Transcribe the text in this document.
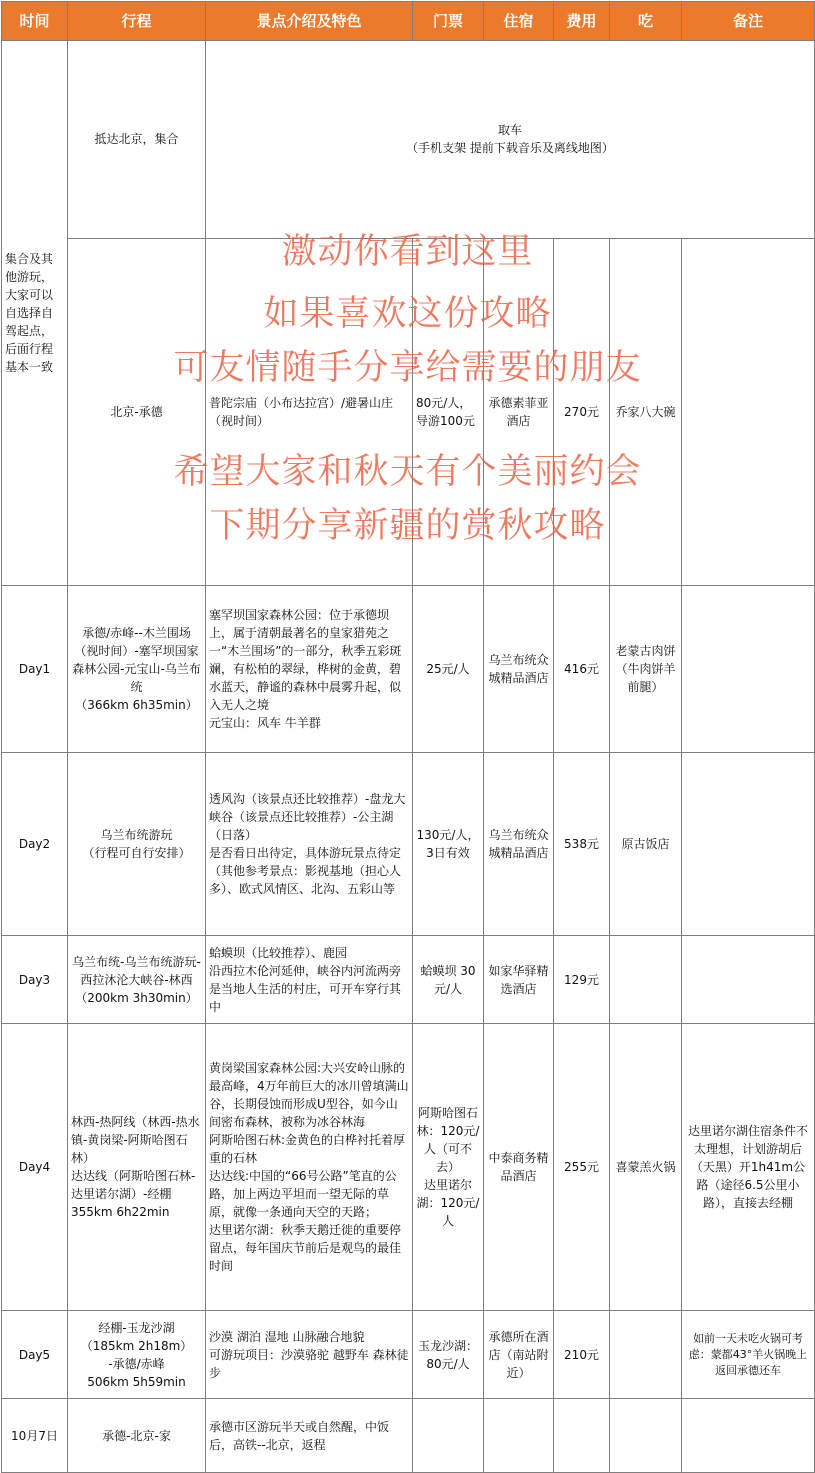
时间	行程	景点介绍及特色	门票	住宿	费用	吃	备注	
集合及其他游玩，大家可以自选择自驾起点，后面行程基本一致	抵达北京，集合	取车
（手机支架 提前下载音乐及离线地图）	
	北京-承德	普陀宗庙（小布达拉宫）/避暑山庄（视时间）	80元/人，导游100元	承德素菲亚酒店	270元	乔家八大碗		
Day1	承德/赤峰--木兰围场（视时间）-塞罕坝国家森林公园-元宝山-乌兰布统
（366km 6h35min）	塞罕坝国家森林公园：位于承德坝上，属于清朝最著名的皇家猎苑之一“木兰围场”的一部分，秋季五彩斑斓，有松柏的翠绿，桦树的金黄，碧水蓝天，静谧的森林中晨雾升起，似入无人之境
元宝山：风车 牛羊群	25元/人	乌兰布统众城精品酒店	416元	老蒙古肉饼（牛肉饼羊前腿）		
Day2	乌兰布统游玩
（行程可自行安排）	透风沟（该景点还比较推荐）-盘龙大峡谷（该景点还比较推荐）-公主湖（日落）
是否看日出待定，具体游玩景点待定
（其他参考景点：影视基地（担心人多）、欧式风情区、北沟、五彩山等	130元/人，3日有效	乌兰布统众城精品酒店	538元	原古饭店		
Day3	乌兰布统-乌兰布统游玩-西拉沐沦大峡谷-林西
（200km 3h30min）	蛤蟆坝（比较推荐）、鹿园
沿西拉木伦河延伸，峡谷内河流两旁是当地人生活的村庄，可开车穿行其中	蛤蟆坝 30元/人	如家华驿精选酒店	129元			
Day4	林西-热阿线（林西-热水镇-黄岗梁-阿斯哈图石林）
达达线（阿斯哈图石林-达里诺尔湖）-经棚
355km 6h22min	黄岗梁国家森林公园:大兴安岭山脉的最高峰，4万年前巨大的冰川曾填满山谷，长期侵蚀而形成U型谷，如今山间密布森林，被称为冰谷林海
阿斯哈图石林:金黄色的白桦衬托着厚重的石林
达达线:中国的“66号公路”笔直的公路，加上两边平坦而一望无际的草原，就像一条通向天空的天路；
达里诺尔湖：秋季天鹅迁徙的重要停留点，每年国庆节前后是观鸟的最佳时间	阿斯哈图石林：120元/人（可不去）
达里诺尔湖：120元/人	中泰商务精品酒店	255元	喜蒙羔火锅	达里诺尔湖住宿条件不太理想，计划游胡后（天黑）开1h41m公路（途径6.5公里小路），直接去经棚	
Day5	经棚-玉龙沙湖
（185km 2h18m）
-承德/赤峰
506km 5h59min	沙漠 湖泊 湿地 山脉融合地貌
可游玩项目：沙漠骆驼 越野车 森林徒步	玉龙沙湖：80元/人	承德所在酒店（南站附近）	210元		如前一天未吃火锅可考虑：蒙都43°羊火锅晚上返回承德还车	
10月7日	承德-北京-家	承德市区游玩半天或自然醒，中饭后，高铁--北京，返程						
激动你看到这里
如果喜欢这份攻略
可友情随手分享给需要的朋友
希望大家和秋天有个美丽约会
下期分享新疆的赏秋攻略
